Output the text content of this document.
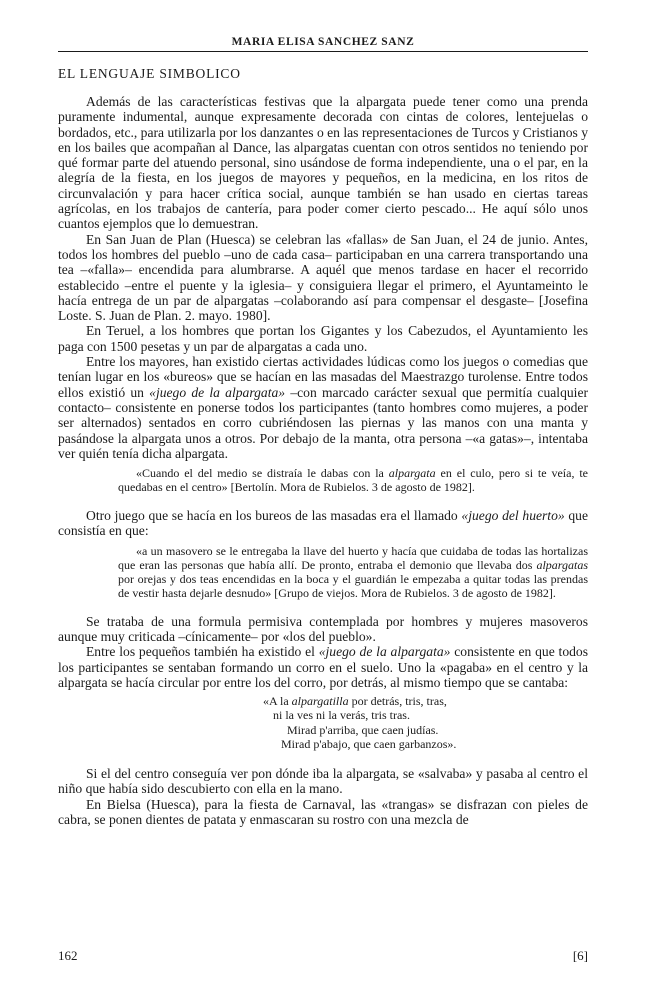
MARIA ELISA SANCHEZ SANZ
EL LENGUAJE SIMBOLICO

Además de las características festivas que la alpargata puede tener como una prenda puramente indumental, aunque expresamente decorada con cintas de colores, lentejuelas o bordados, etc., para utilizarla por los danzantes o en las representaciones de Turcos y Cristianos y en los bailes que acompañan al Dance, las alpargatas cuentan con otros sentidos no teniendo por qué formar parte del atuendo personal, sino usándose de forma independiente, una o el par, en la alegría de la fiesta, en los juegos de mayores y pequeños, en la medicina, en los ritos de circunvalación y para hacer crítica social, aunque también se han usado en ciertas tareas agrícolas, en los trabajos de cantería, para poder comer cierto pescado... He aquí sólo unos cuantos ejemplos que lo demuestran.

En San Juan de Plan (Huesca) se celebran las «fallas» de San Juan, el 24 de junio. Antes, todos los hombres del pueblo –uno de cada casa– participaban en una carrera transportando una tea –«falla»– encendida para alumbrarse. A aquél que menos tardase en hacer el recorrido establecido –entre el puente y la iglesia– y consiguiera llegar el primero, el Ayuntameinto le hacía entrega de un par de alpargatas –colaborando así para compensar el desgaste– [Josefina Loste. S. Juan de Plan. 2. mayo. 1980].

En Teruel, a los hombres que portan los Gigantes y los Cabezudos, el Ayuntamiento les paga con 1500 pesetas y un par de alpargatas a cada uno.

Entre los mayores, han existido ciertas actividades lúdicas como los juegos o comedias que tenían lugar en los «bureos» que se hacían en las masadas del Maestrazgo turolense. Entre todos ellos existió un «juego de la alpargata» –con marcado carácter sexual que permitía cualquier contacto– consistente en ponerse todos los participantes (tanto hombres como mujeres, a poder ser alternados) sentados en corro cubriéndosen las piernas y las manos con una manta y pasándose la alpargata unos a otros. Por debajo de la manta, otra persona –«a gatas»–, intentaba ver quién tenía dicha alpargata.

«Cuando el del medio se distraía le dabas con la alpargata en el culo, pero si te veía, te quedabas en el centro» [Bertolín. Mora de Rubielos. 3 de agosto de 1982].

Otro juego que se hacía en los bureos de las masadas era el llamado «juego del huerto» que consistía en que:

«a un masovero se le entregaba la llave del huerto y hacía que cuidaba de todas las hortalizas que eran las personas que había allí. De pronto, entraba el demonio que llevaba dos alpargatas por orejas y dos teas encendidas en la boca y el guardián le empezaba a quitar todas las prendas de vestir hasta dejarle desnudo» [Grupo de viejos. Mora de Rubielos. 3 de agosto de 1982].

Se trataba de una formula permisiva contemplada por hombres y mujeres masoveros aunque muy criticada –cínicamente– por «los del pueblo».

Entre los pequeños también ha existido el «juego de la alpargata» consistente en que todos los participantes se sentaban formando un corro en el suelo. Uno la «pagaba» en el centro y la alpargata se hacía circular por entre los del corro, por detrás, al mismo tiempo que se cantaba:

«A la alpargatilla por detrás, tris, tras,
ni la ves ni la verás, tris tras.
Mirad p'arriba, que caen judías.
Mirad p'abajo, que caen garbanzos».

Si el del centro conseguía ver pon dónde iba la alpargata, se «salvaba» y pasaba al centro el niño que había sido descubierto con ella en la mano.

En Bielsa (Huesca), para la fiesta de Carnaval, las «trangas» se disfrazan con pieles de cabra, se ponen dientes de patata y enmascaran su rostro con una mezcla de

162	[6]
